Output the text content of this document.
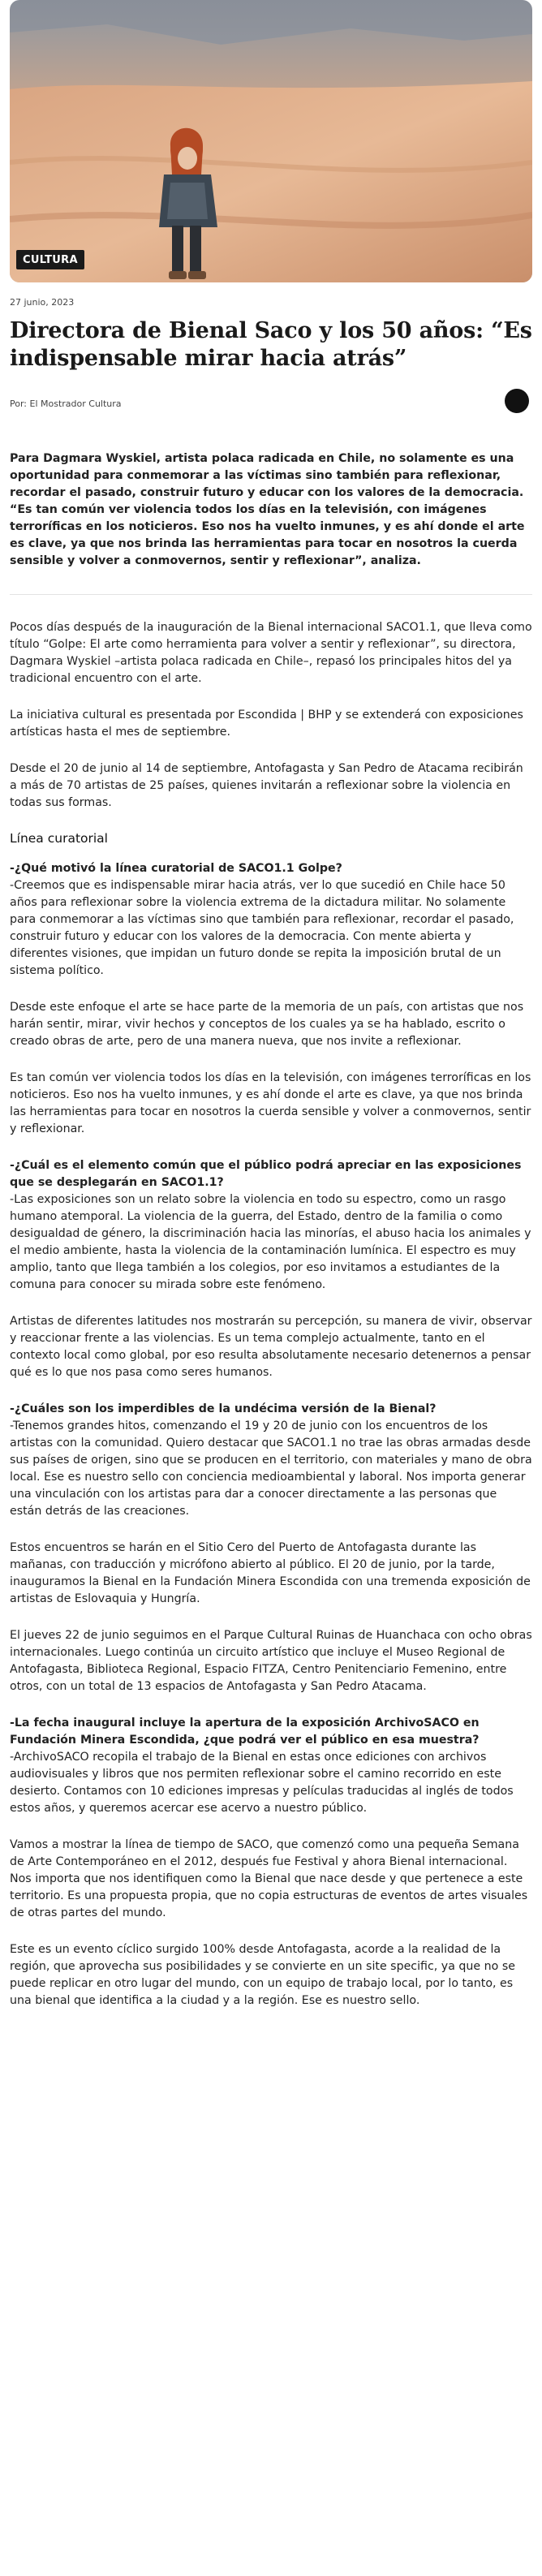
CULTURA
27 junio, 2023
Directora de Bienal Saco y los 50 años: “Es indispensable mirar hacia atrás”
Por: El Mostrador Cultura

Para Dagmara Wyskiel, artista polaca radicada en Chile, no solamente es una oportunidad para conmemorar a las víctimas sino también para reflexionar, recordar el pasado, construir futuro y educar con los valores de la democracia. “Es tan común ver violencia todos los días en la televisión, con imágenes terroríficas en los noticieros. Eso nos ha vuelto inmunes, y es ahí donde el arte es clave, ya que nos brinda las herramientas para tocar en nosotros la cuerda sensible y volver a conmovernos, sentir y reflexionar”, analiza.

Pocos días después de la inauguración de la Bienal internacional SACO1.1, que lleva como título “Golpe: El arte como herramienta para volver a sentir y reflexionar”, su directora, Dagmara Wyskiel –artista polaca radicada en Chile–, repasó los principales hitos del ya tradicional encuentro con el arte.

La iniciativa cultural es presentada por Escondida | BHP y se extenderá con exposiciones artísticas hasta el mes de septiembre.

Desde el 20 de junio al 14 de septiembre, Antofagasta y San Pedro de Atacama recibirán a más de 70 artistas de 25 países, quienes invitarán a reflexionar sobre la violencia en todas sus formas.

Línea curatorial

-¿Qué motivó la línea curatorial de SACO1.1 Golpe?
-Creemos que es indispensable mirar hacia atrás, ver lo que sucedió en Chile hace 50 años para reflexionar sobre la violencia extrema de la dictadura militar. No solamente para conmemorar a las víctimas sino que también para reflexionar, recordar el pasado, construir futuro y educar con los valores de la democracia. Con mente abierta y diferentes visiones, que impidan un futuro donde se repita la imposición brutal de un sistema político.

Desde este enfoque el arte se hace parte de la memoria de un país, con artistas que nos harán sentir, mirar, vivir hechos y conceptos de los cuales ya se ha hablado, escrito o creado obras de arte, pero de una manera nueva, que nos invite a reflexionar.

Es tan común ver violencia todos los días en la televisión, con imágenes terroríficas en los noticieros. Eso nos ha vuelto inmunes, y es ahí donde el arte es clave, ya que nos brinda las herramientas para tocar en nosotros la cuerda sensible y volver a conmovernos, sentir y reflexionar.

-¿Cuál es el elemento común que el público podrá apreciar en las exposiciones que se desplegarán en SACO1.1?
-Las exposiciones son un relato sobre la violencia en todo su espectro, como un rasgo humano atemporal. La violencia de la guerra, del Estado, dentro de la familia o como desigualdad de género, la discriminación hacia las minorías, el abuso hacia los animales y el medio ambiente, hasta la violencia de la contaminación lumínica. El espectro es muy amplio, tanto que llega también a los colegios, por eso invitamos a estudiantes de la comuna para conocer su mirada sobre este fenómeno.

Artistas de diferentes latitudes nos mostrarán su percepción, su manera de vivir, observar y reaccionar frente a las violencias. Es un tema complejo actualmente, tanto en el contexto local como global, por eso resulta absolutamente necesario detenernos a pensar qué es lo que nos pasa como seres humanos.

-¿Cuáles son los imperdibles de la undécima versión de la Bienal?
-Tenemos grandes hitos, comenzando el 19 y 20 de junio con los encuentros de los artistas con la comunidad. Quiero destacar que SACO1.1 no trae las obras armadas desde sus países de origen, sino que se producen en el territorio, con materiales y mano de obra local. Ese es nuestro sello con conciencia medioambiental y laboral. Nos importa generar una vinculación con los artistas para dar a conocer directamente a las personas que están detrás de las creaciones.

Estos encuentros se harán en el Sitio Cero del Puerto de Antofagasta durante las mañanas, con traducción y micrófono abierto al público. El 20 de junio, por la tarde, inauguramos la Bienal en la Fundación Minera Escondida con una tremenda exposición de artistas de Eslovaquia y Hungría.

El jueves 22 de junio seguimos en el Parque Cultural Ruinas de Huanchaca con ocho obras internacionales. Luego continúa un circuito artístico que incluye el Museo Regional de Antofagasta, Biblioteca Regional, Espacio FITZA, Centro Penitenciario Femenino, entre otros, con un total de 13 espacios de Antofagasta y San Pedro Atacama.

-La fecha inaugural incluye la apertura de la exposición ArchivoSACO en Fundación Minera Escondida, ¿que podrá ver el público en esa muestra?
-ArchivoSACO recopila el trabajo de la Bienal en estas once ediciones con archivos audiovisuales y libros que nos permiten reflexionar sobre el camino recorrido en este desierto. Contamos con 10 ediciones impresas y películas traducidas al inglés de todos estos años, y queremos acercar ese acervo a nuestro público.

Vamos a mostrar la línea de tiempo de SACO, que comenzó como una pequeña Semana de Arte Contemporáneo en el 2012, después fue Festival y ahora Bienal internacional. Nos importa que nos identifiquen como la Bienal que nace desde y que pertenece a este territorio. Es una propuesta propia, que no copia estructuras de eventos de artes visuales de otras partes del mundo.

Este es un evento cíclico surgido 100% desde Antofagasta, acorde a la realidad de la región, que aprovecha sus posibilidades y se convierte en un site specific, ya que no se puede replicar en otro lugar del mundo, con un equipo de trabajo local, por lo tanto, es una bienal que identifica a la ciudad y a la región. Ese es nuestro sello.
